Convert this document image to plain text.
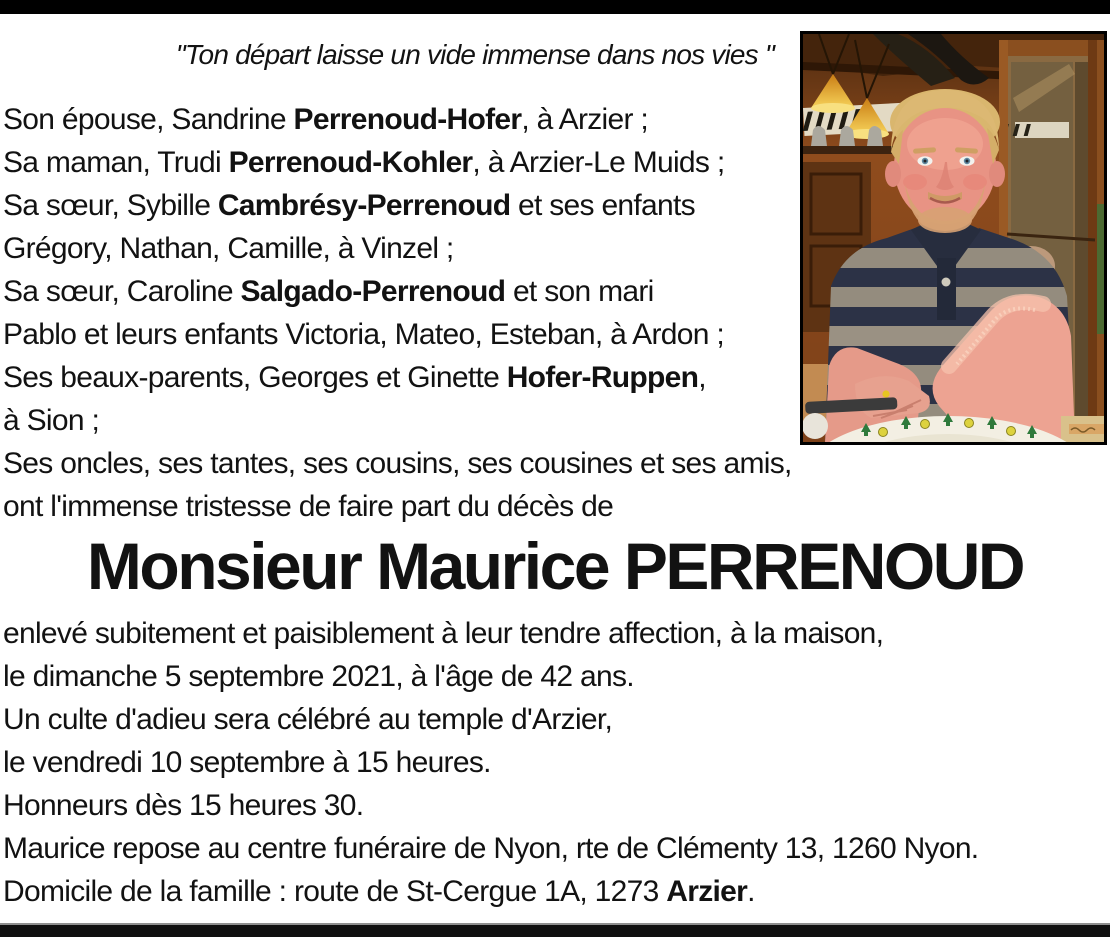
"Ton départ laisse un vide immense dans nos vies "
Son épouse, Sandrine Perrenoud-Hofer, à Arzier ;
Sa maman, Trudi Perrenoud-Kohler, à Arzier-Le Muids ;
Sa sœur, Sybille Cambrésy-Perrenoud et ses enfants
Grégory, Nathan, Camille, à Vinzel ;
Sa sœur, Caroline Salgado-Perrenoud et son mari
Pablo et leurs enfants Victoria, Mateo, Esteban, à Ardon ;
Ses beaux-parents, Georges et Ginette Hofer-Ruppen,
à Sion ;
Ses oncles, ses tantes, ses cousins, ses cousines et ses amis,
ont l'immense tristesse de faire part du décès de
Monsieur Maurice PERRENOUD
enlevé subitement et paisiblement à leur tendre affection, à la maison,
le dimanche 5 septembre 2021, à l'âge de 42 ans.
Un culte d'adieu sera célébré au temple d'Arzier,
le vendredi 10 septembre à 15 heures.
Honneurs dès 15 heures 30.
Maurice repose au centre funéraire de Nyon, rte de Clémenty 13, 1260 Nyon.
Domicile de la famille : route de St-Cergue 1A, 1273 Arzier.
